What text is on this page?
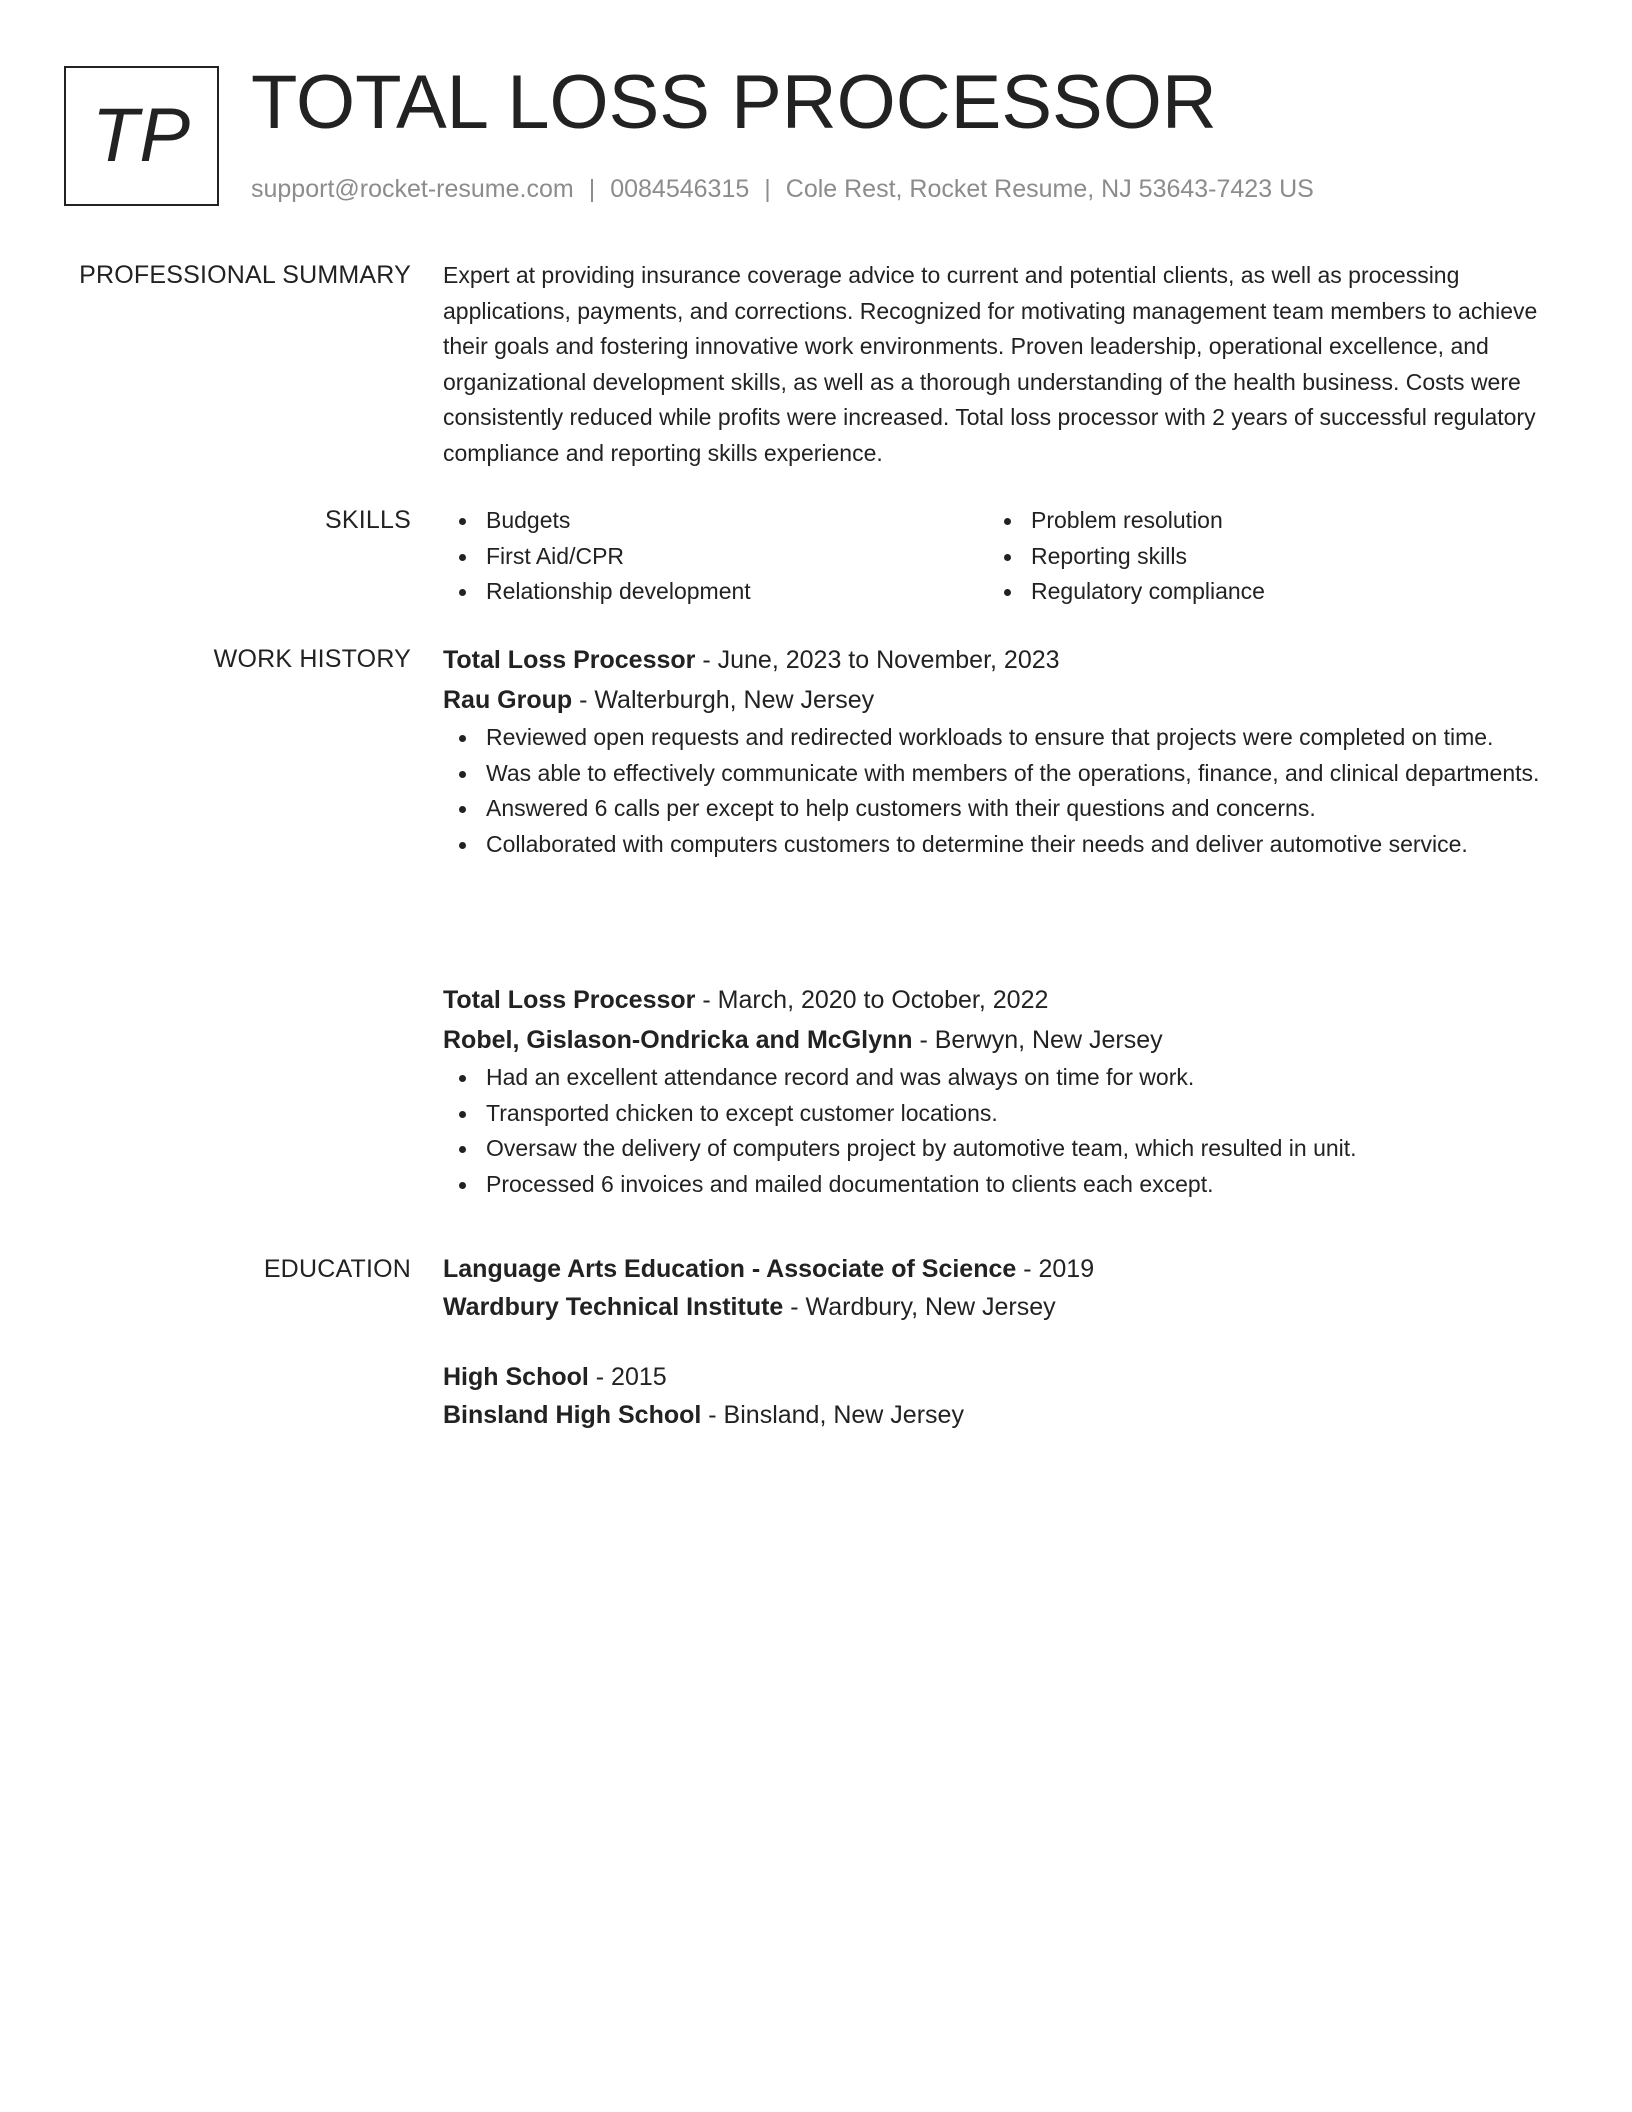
TP TOTAL LOSS PROCESSOR
support@rocket-resume.com | 0084546315 | Cole Rest, Rocket Resume, NJ 53643-7423 US
PROFESSIONAL SUMMARY Expert at providing insurance coverage advice to current and potential clients, as well as processing applications, payments, and corrections. Recognized for motivating management team members to achieve their goals and fostering innovative work environments. Proven leadership, operational excellence, and organizational development skills, as well as a thorough understanding of the health business. Costs were consistently reduced while profits were increased. Total loss processor with 2 years of successful regulatory compliance and reporting skills experience.

SKILLS	Budgets
First Aid/CPR
Relationship development
Problem resolution
Reporting skills
Regulatory compliance
WORK HISTORY Total Loss Processor - June, 2023 to November, 2023
Rau Group - Walterburgh, New Jersey
Reviewed open requests and redirected workloads to ensure that projects were completed on time.
Was able to effectively communicate with members of the operations, finance, and clinical departments.
Answered 6 calls per except to help customers with their questions and concerns.
Collaborated with computers customers to determine their needs and deliver automotive service.
Total Loss Processor - March, 2020 to October, 2022
Robel, Gislason-Ondricka and McGlynn - Berwyn, New Jersey
Had an excellent attendance record and was always on time for work.
Transported chicken to except customer locations.
Oversaw the delivery of computers project by automotive team, which resulted in unit.
Processed 6 invoices and mailed documentation to clients each except.
EDUCATION Language Arts Education - Associate of Science - 2019
Wardbury Technical Institute - Wardbury, New Jersey
High School - 2015
Binsland High School - Binsland, New Jersey
